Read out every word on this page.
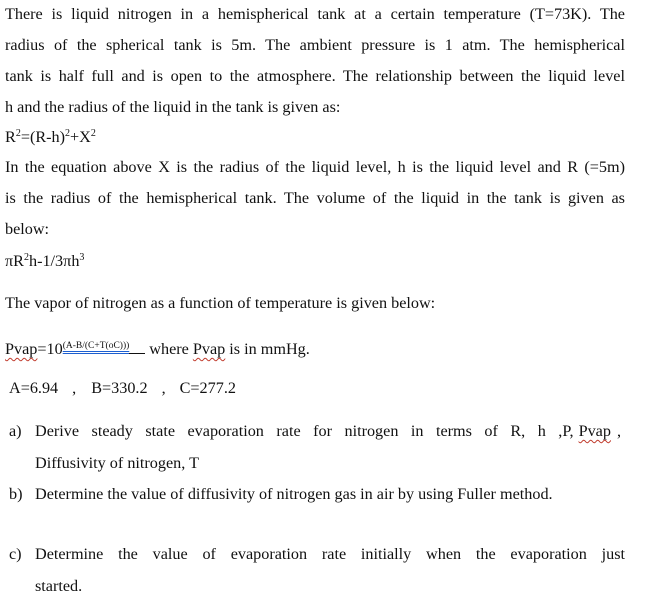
There is liquid nitrogen in a hemispherical tank at a certain temperature (T=73K). The
radius of the spherical tank is 5m. The ambient pressure is 1 atm. The hemispherical
tank is half full and is open to the atmosphere. The relationship between the liquid level
h and the radius of the liquid in the tank is given as:
$R^2=(R-h)^2+X^2$
In the equation above X is the radius of the liquid level, h is the liquid level and R (=5m)
is the radius of the hemispherical tank. The volume of the liquid in the tank is given as
below:
$\pi R^2h-1/3\pi h^3$
The vapor of nitrogen as a function of temperature is given below:
$Pvap=10^{(A-B/(C+T(oC)))}$ where Pvap is in mmHg.
A=6.94 , B=330.2 , C=277.2
a) Derive steady state evaporation rate for nitrogen in terms of R, h ,P, Pvap ,
Diffusivity of nitrogen, T
b) Determine the value of diffusivity of nitrogen gas in air by using Fuller method.
c) Determine the value of evaporation rate initially when the evaporation just
started.
